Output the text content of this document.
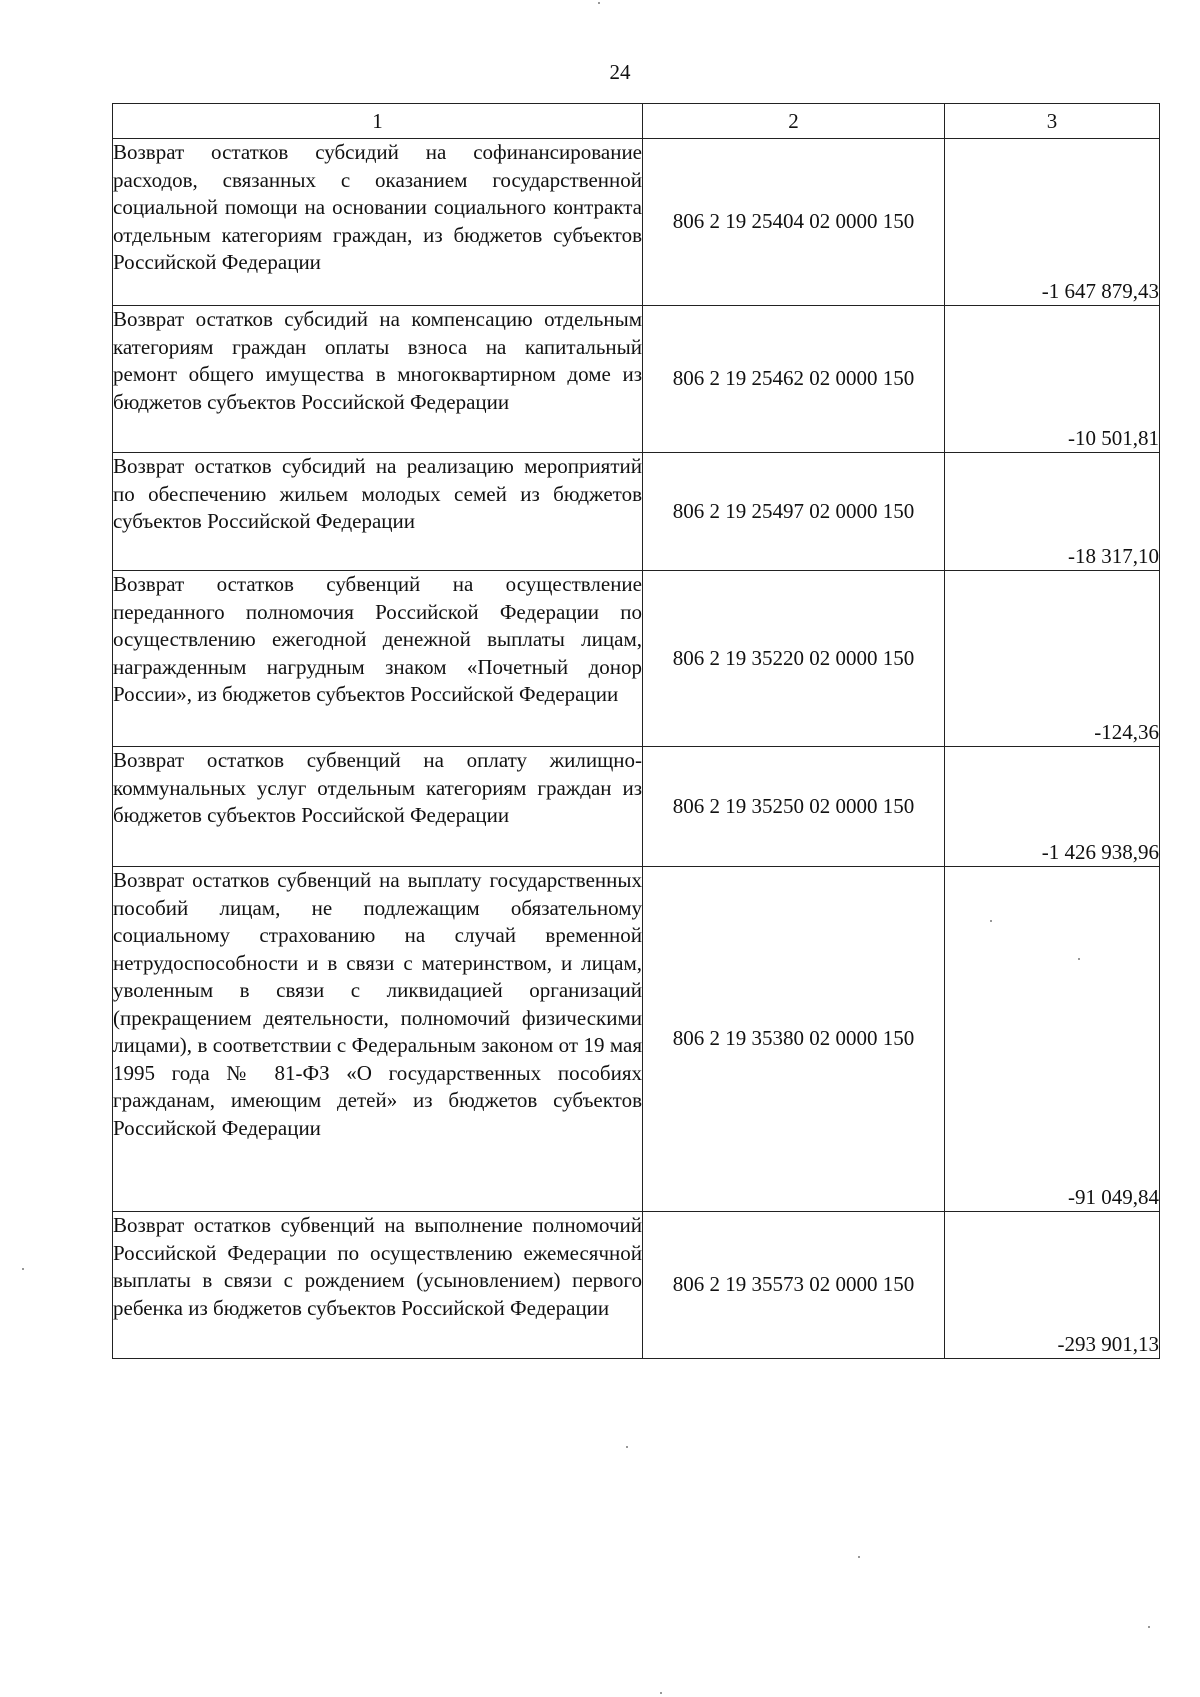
24
1	2	3
Возврат остатков субсидий на софинансирование расходов, связанных с оказанием государственной социальной помощи на основании социального контракта отдельным категориям граждан, из бюджетов субъектов Российской Федерации	806 2 19 25404 02 0000 150	-1 647 879,43
Возврат остатков субсидий на компенсацию отдельным категориям граждан оплаты взноса на капитальный ремонт общего имущества в многоквартирном доме из бюджетов субъектов Российской Федерации	806 2 19 25462 02 0000 150	-10 501,81
Возврат остатков субсидий на реализацию мероприятий по обеспечению жильем молодых семей из бюджетов субъектов Российской Федерации	806 2 19 25497 02 0000 150	-18 317,10
Возврат остатков субвенций на осуществление переданного полномочия Российской Федерации по осуществлению ежегодной денежной выплаты лицам, награжденным нагрудным знаком «Почетный донор России», из бюджетов субъектов Российской Федерации	806 2 19 35220 02 0000 150	-124,36
Возврат остатков субвенций на оплату жилищно-коммунальных услуг отдельным категориям граждан из бюджетов субъектов Российской Федерации	806 2 19 35250 02 0000 150	-1 426 938,96
Возврат остатков субвенций на выплату государственных пособий лицам, не подлежащим обязательному социальному страхованию на случай временной нетрудоспособности и в связи с материнством, и лицам, уволенным в связи с ликвидацией организаций (прекращением деятельности, полномочий физическими лицами), в соответствии с Федеральным законом от 19 мая 1995 года № 81-ФЗ «О государственных пособиях гражданам, имеющим детей» из бюджетов субъектов Российской Федерации	806 2 19 35380 02 0000 150	-91 049,84
Возврат остатков субвенций на выполнение полномочий Российской Федерации по осуществлению ежемесячной выплаты в связи с рождением (усыновлением) первого ребенка из бюджетов субъектов Российской Федерации	806 2 19 35573 02 0000 150	-293 901,13
